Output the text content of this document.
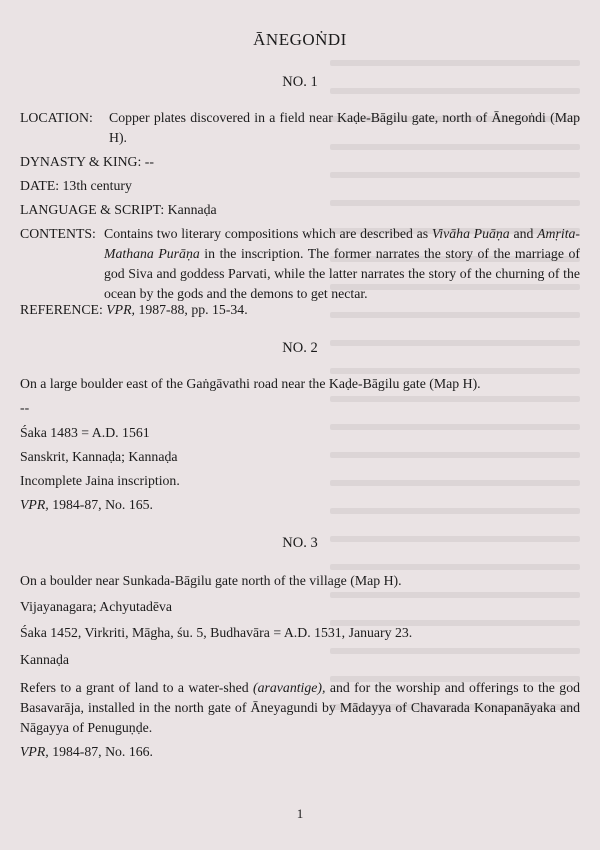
ĀNEGOṄDI
NO. 1
LOCATION: Copper plates discovered in a field near Kaḍe-Bāgilu gate, north of Ānegoṅdi (Map H).
DYNASTY & KING: --
DATE: 13th century
LANGUAGE & SCRIPT: Kannaḍa
CONTENTS: Contains two literary compositions which are described as Vivāha Puāṇa and Amṛita-Mathana Purāṇa in the inscription. The former narrates the story of the marriage of god Siva and goddess Parvati, while the latter narrates the story of the churning of the ocean by the gods and the demons to get nectar.
REFERENCE: VPR, 1987-88, pp. 15-34.
NO. 2
On a large boulder east of the Gaṅgāvathi road near the Kaḍe-Bāgilu gate (Map H).
--
Śaka 1483 = A.D. 1561
Sanskrit, Kannaḍa; Kannaḍa
Incomplete Jaina inscription.
VPR, 1984-87, No. 165.
NO. 3
On a boulder near Sunkada-Bāgilu gate north of the village (Map H).
Vijayanagara; Achyutadēva
Śaka 1452, Virkriti, Māgha, śu. 5, Budhavāra = A.D. 1531, January 23.
Kannaḍa
Refers to a grant of land to a water-shed (aravantige), and for the worship and offerings to the god Basavarāja, installed in the north gate of Āneyagundi by Mādayya of Chavarada Konapanāyaka and Nāgayya of Penuguṇḍe.
VPR, 1984-87, No. 166.
1
